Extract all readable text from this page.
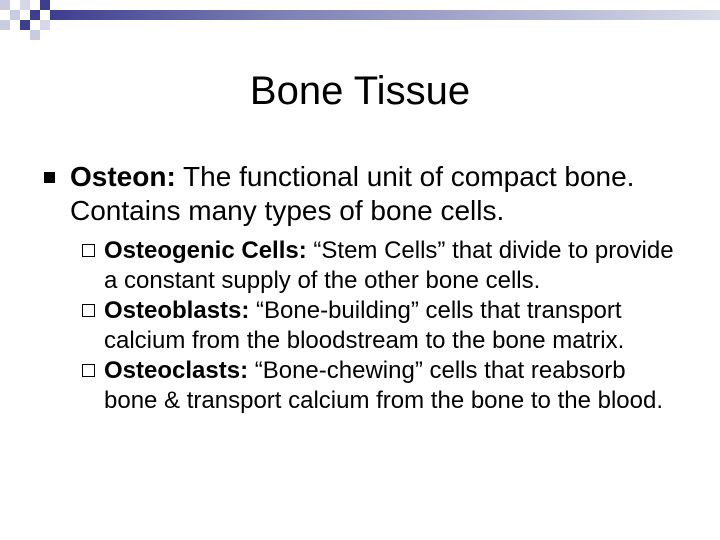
Bone Tissue
Osteon: The functional unit of compact bone. Contains many types of bone cells.
Osteogenic Cells: “Stem Cells” that divide to provide a constant supply of the other bone cells.
Osteoblasts: “Bone-building” cells that transport calcium from the bloodstream to the bone matrix.
Osteoclasts: “Bone-chewing” cells that reabsorb bone & transport calcium from the bone to the blood.
